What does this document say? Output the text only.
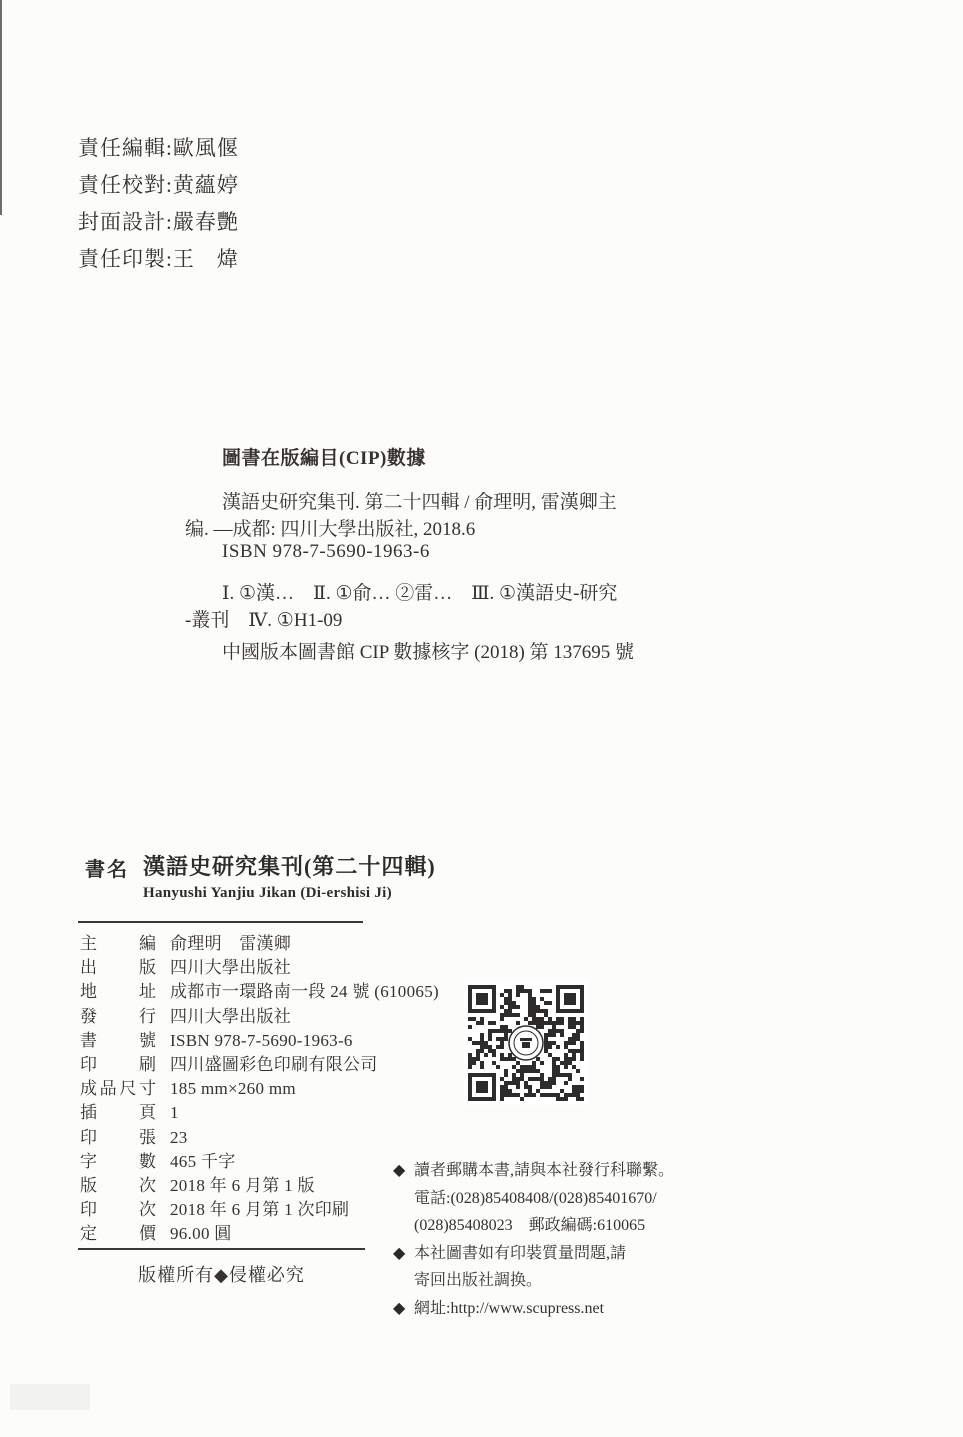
責任編輯:歐風偃
責任校對:黄蘊婷
封面設計:嚴春艷
責任印製:王　煒
圖書在版編目(CIP)數據
漢語史研究集刊. 第二十四輯 / 俞理明, 雷漢卿主
编. —成都: 四川大學出版社, 2018.6
ISBN 978-7-5690-1963-6
Ⅰ. ①漢…　Ⅱ. ①俞… ②雷…　Ⅲ. ①漢語史-研究
-叢刊　Ⅳ. ①H1-09
中國版本圖書館 CIP 數據核字 (2018) 第 137695 號
書名 漢語史研究集刊(第二十四輯)
Hanyushi Yanjiu Jikan (Di-ershisi Ji)
主編 俞理明　雷漢卿
出版 四川大學出版社
地址 成都市一環路南一段 24 號 (610065)
發行 四川大學出版社
書號 ISBN 978-7-5690-1963-6
印刷 四川盛圖彩色印刷有限公司
成品尺寸 185 mm×260 mm
插頁 1
印張 23
字數 465 千字
版次 2018 年 6 月第 1 版
印次 2018 年 6 月第 1 次印刷
定價 96.00 圓
◆ 讀者郵購本書,請與本社發行科聯繫。
電話:(028)85408408/(028)85401670/
(028)85408023　郵政編碼:610065
◆ 本社圖書如有印裝質量問題,請
寄回出版社調换。
◆ 網址:http://www.scupress.net
版權所有◆侵權必究
